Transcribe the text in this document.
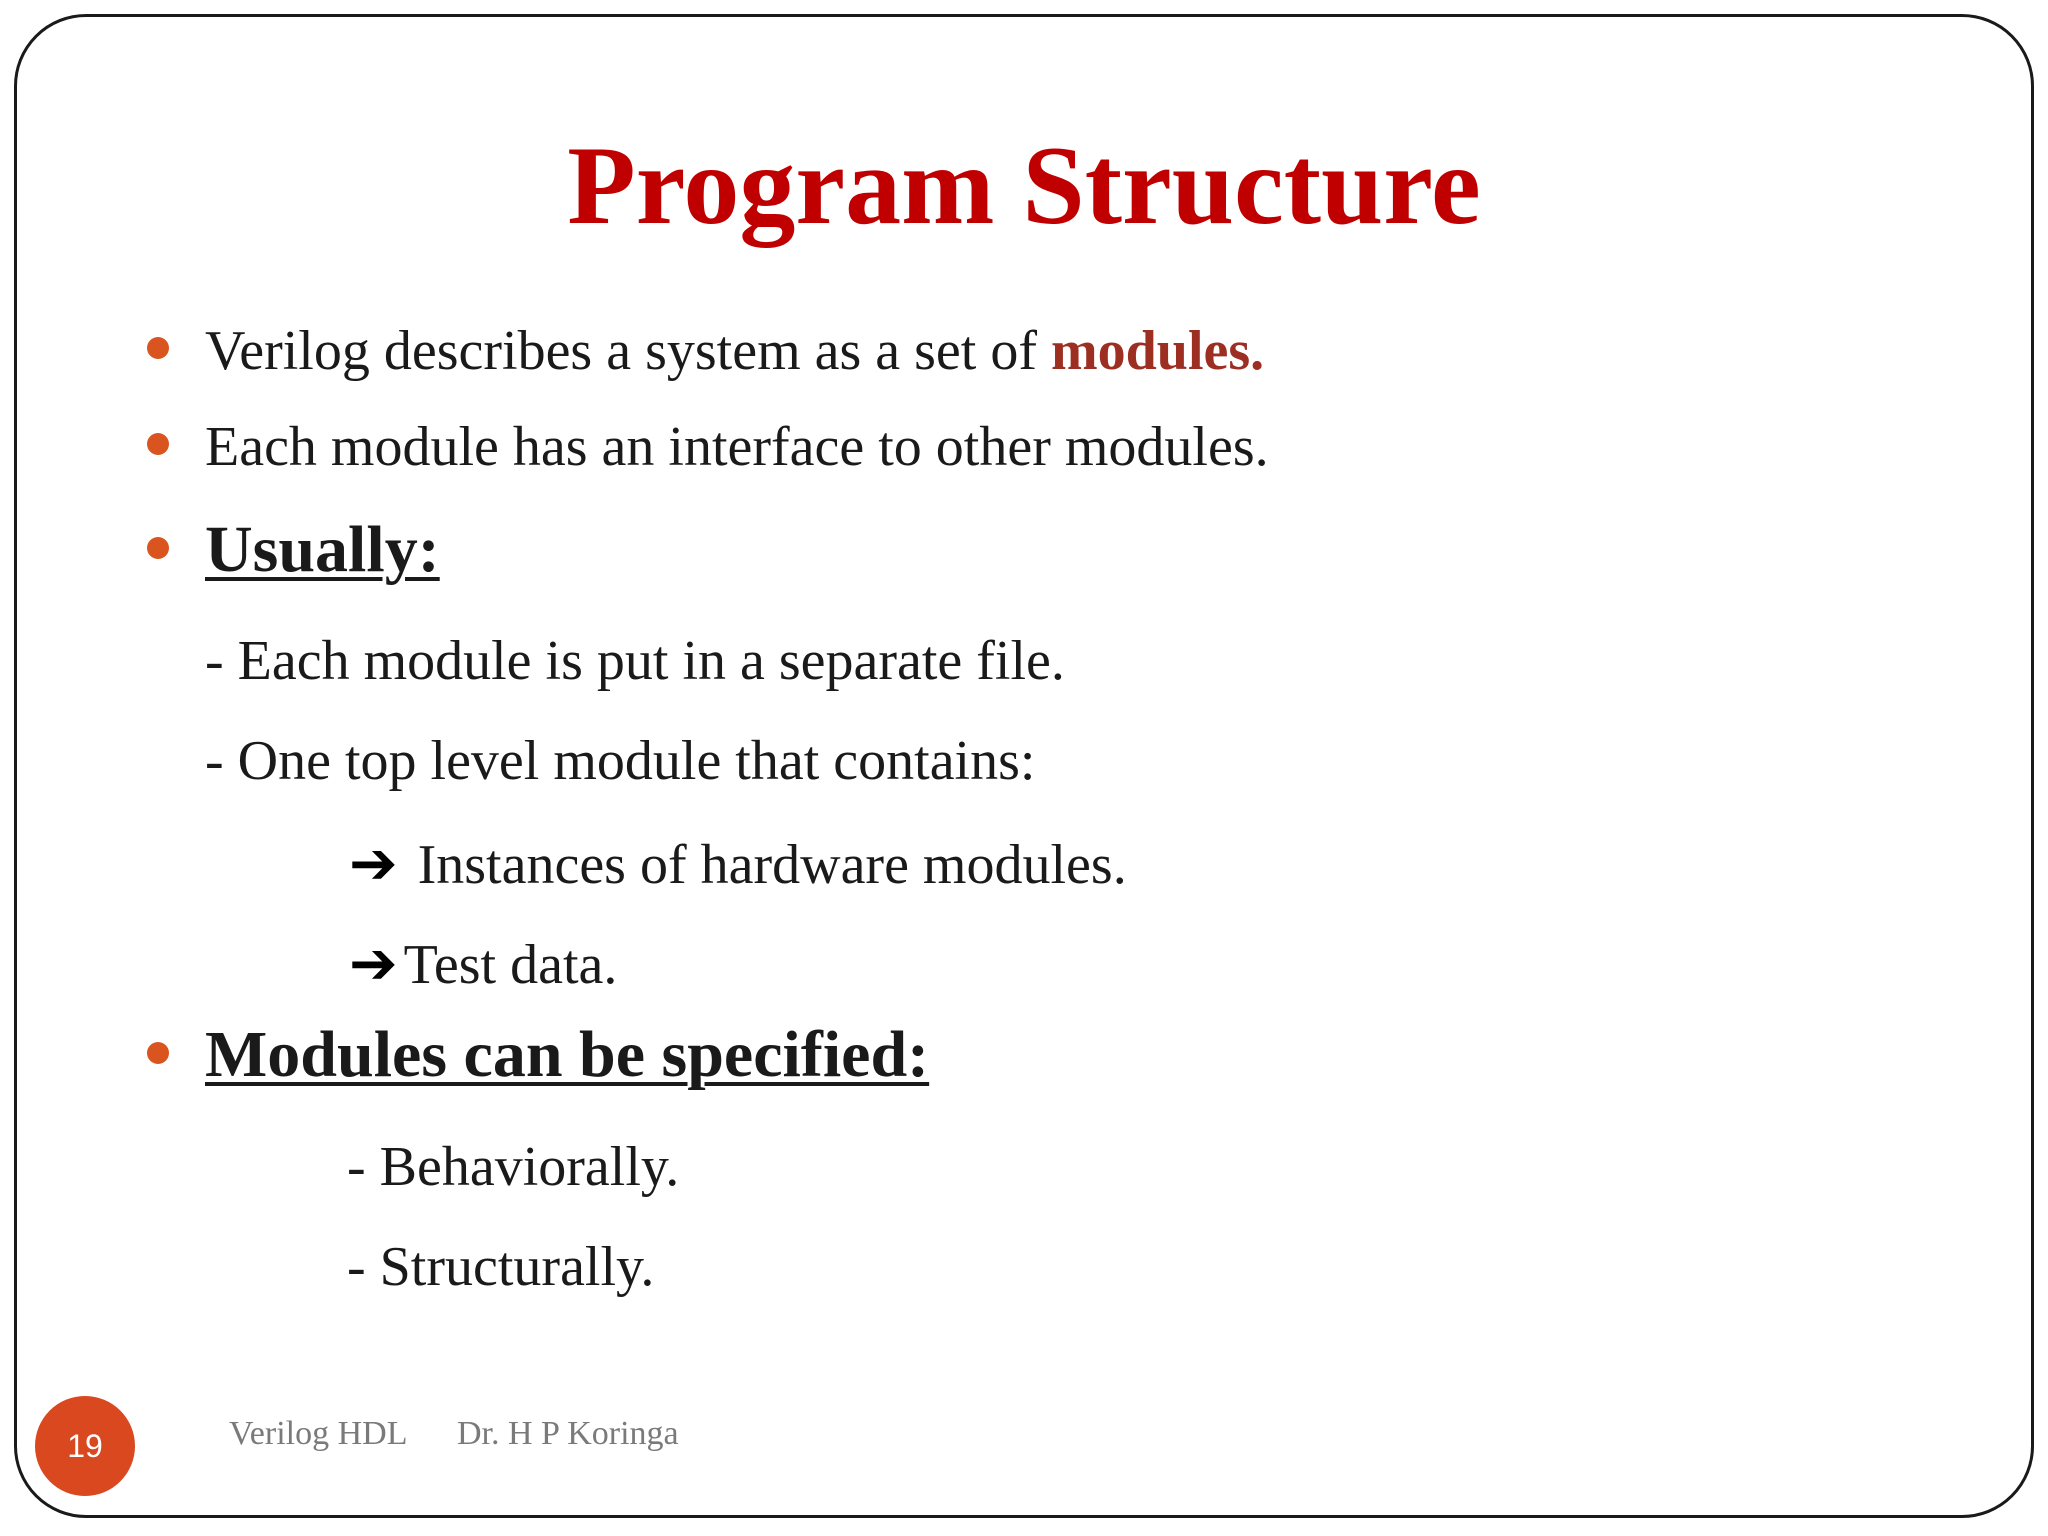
Program Structure
Verilog describes a system as a set of modules.
Each module has an interface to other modules.
Usually:
- Each module is put in a separate file.
- One top level module that contains:
➔ Instances of hardware modules.
➔ Test data.
Modules can be specified:
- Behaviorally.
- Structurally.
19	Verilog HDL Dr. H P Koringa
